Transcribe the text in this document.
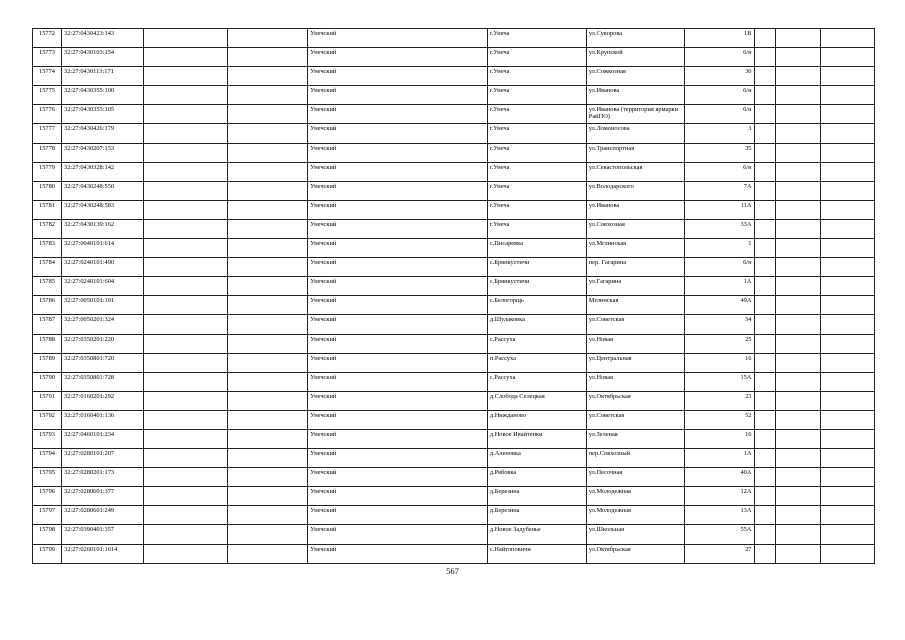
15772	32:27:0430423:143			Унечский	г.Унеча	ул.Суворова	1В			
15773	32:27:0430103:154			Унечский	г.Унеча	ул.Крупской	6/н			
15774	32:27:0430113:171			Унечский	г.Унеча	ул.Сожкозная	30			
15775	32:27:0430355:100			Унечский	г.Унеча	ул.Иванова	6/н			
15776	32:27:0430353:105			Унечский	г.Унеча	ул.Иванова (территория ярмарки РайПО)	6/н			
15777	32:27:0430426:179			Унечский	г.Унеча	ул.Ломоносова	3			
15778	32:27:0430207:153			Унечский	г.Унеча	ул.Транспортная	35			
15779	32:27:0430328:142			Унечский	г.Унеча	ул.Севастопольская	6/н			
15780	32:27:0430248:550			Унечский	г.Унеча	ул.Володарского	7А			
15781	32:27:0430248:583			Унечский	г.Унеча	ул.Иванова	11А			
15782	32:27:0430139:162			Унечский	г.Унеча	ул.Совхозная	33А			
15783	32:27:0040101:614			Унечский	с.Писаревка	ул.Мглинская	1			
15784	32:27:0240101:490			Унечский	с.Брянкустичи	пер. Гагарина	6/н			
15785	32:27:0240101:604			Унечский	с.Брянкустичи	ул.Гагарина	1А			
15786	32:27:0050101:191			Унечский	с.Белогорщь	Мглинская	49А			
15787	32:27:0050201:324			Унечский	д.Шулаковка	ул.Советская	34			
15788	32:27:0350201:220			Унечский	с.Рассуха	ул.Новая	25			
15789	32:27:0350801:720			Унечский	п.Рассуха	ул.Центральная	16			
15790	32:27:0350801:728			Унечский	с.Рассуха	ул.Новая	15А			
15791	32:27:0160201:292			Унечский	д.Слобода Селецкая	ул.Октябрьская	23			
15792	32:27:0160401:136			Унечский	д.Нижданово	ул.Советская	52			
15793	32:27:0460101:234			Унечский	д.Новое Ивайтенки	ул.Зеленая	16			
15794	32:27:0280101:207			Унечский	д.Аленовка	пер.Совхозный	1А			
15795	32:27:0280201:173			Унечский	д.Рябовка	ул.Песочная	40А			
15796	32:27:0280601:377			Унечский	д.Березина	ул.Молодежная	12А			
15797	32:27:0280601:249			Унечский	д.Березина	ул.Молодежная	13А			
15798	32:27:0390401:357			Унечский	д.Новое Задубенье	ул.Школьная	55А			
15799	32:27:0260101:1014			Унечский	с.Найтоповичи	ул.Октябрьская	27			
567
